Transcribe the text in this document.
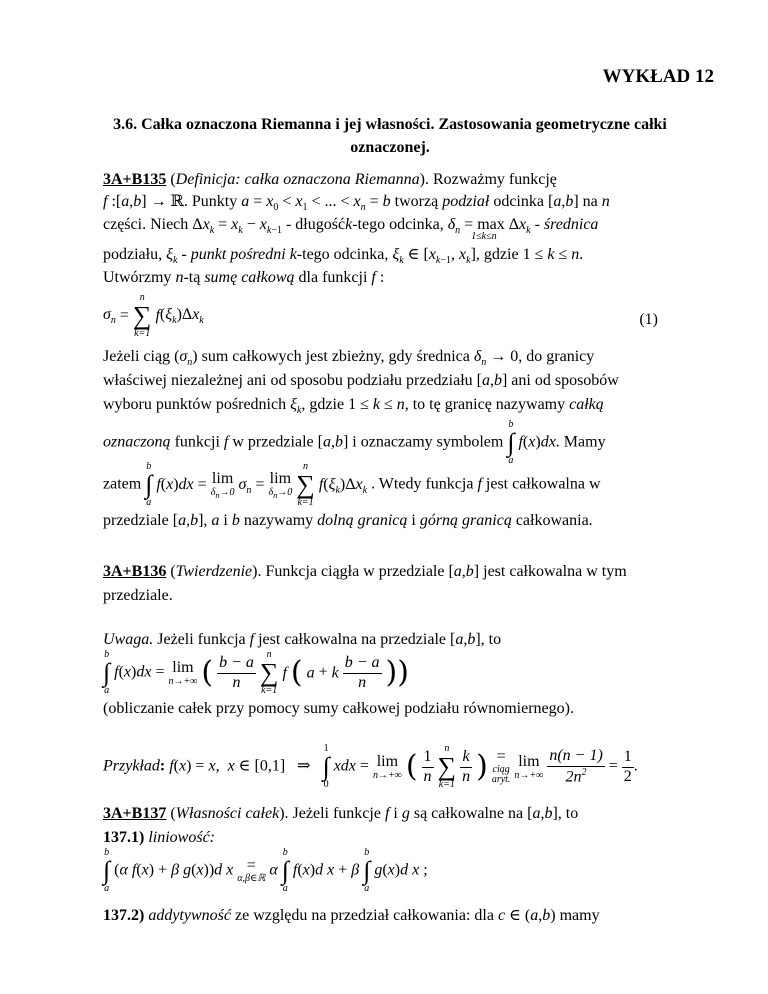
WYKŁAD 12
3.6. Całka oznaczona Riemanna i jej własności. Zastosowania geometryczne całki oznaczonej.
3A+B135 (Definicja: całka oznaczona Riemanna). Rozważmy funkcję
f :[a,b] → ℝ. Punkty $a = x_0 < x_1$ < ... < $x_n = b$ tworzą podział odcinka [a,b] na n
części. Niech $\Delta x_k = x_k - x_{k-1}$ - długośćk-tego odcinka, $\delta_n = \max$
1≤k≤n
$\Delta x_k$ - średnica
podziału, $\xi_k$ - punkt pośredni k-tego odcinka, $\xi_k$ ∈ [$x_{k-1}$, $x_k$], gdzie 1 ≤ k ≤ n.
Utwórzmy n-tą sumę całkową dla funkcji f :
$\sigma_n$ =
n
∑
k=1
$f(\xi_k)\Delta x_k$	(1)
Jeżeli ciąg $(\sigma_n)$ sum całkowych jest zbieżny, gdy średnica $\delta_n \to 0$, do granicy
właściwej niezależnej ani od sposobu podziału przedziału [a,b] ani od sposobów
wyboru punktów pośrednich $\xi_k$, gdzie 1 ≤ k ≤ n, to tę granicę nazywamy całką
oznaczoną funkcji f w przedziale [a,b] i oznaczamy symbolem
b
∫
a
f(x)dx. Mamy
zatem
b
∫
a
f(x)dx = lim
$\delta_n\to 0$
$\sigma_n = \lim$
$\delta_n\to 0$

n
∑
k=1
$f(\xi_k)\Delta x_k$ . Wtedy funkcja f jest całkowalna w
przedziale [a,b], a i b nazywamy dolną granicą i górną granicą całkowania.
3A+B136 (Twierdzenie). Funkcja ciągła w przedziale [a,b] jest całkowalna w tym
przedziale.
Uwaga. Jeżeli funkcja f jest całkowalna na przedziale [a,b], to
b
∫
a
f(x)dx = lim
n→+∞ ( $\frac{b - a}{n}$
	n
∑
k=1
f ( a + k $\frac{b - a}{n}$ ))
(obliczanie całek przy pomocy sumy całkowej podziału równomiernego).
Przykład: f(x) = x,  x ∈ [0,1]   ⇒
1
∫
0
xdx = lim
n→+∞ ( $\frac{1}{n}$
	n
∑
k=1
$\frac{k}{n}$ ) =
ciąg
aryt.
lim
n→+∞
$\frac{n(n - 1)}{2n^2} = \frac{1}{2}$ .
3A+B137 (Własności całek). Jeżeli funkcje f i g są całkowalne na [a,b], to
137.1) liniowość:
b
∫
a
(α f(x) + β g(x))d x =
α,β∈ℝ α
b
∫
a
f(x)d x + β
b
∫
a
g(x)d x ;
137.2) addytywność ze względu na przedział całkowania: dla c ∈ (a,b) mamy
